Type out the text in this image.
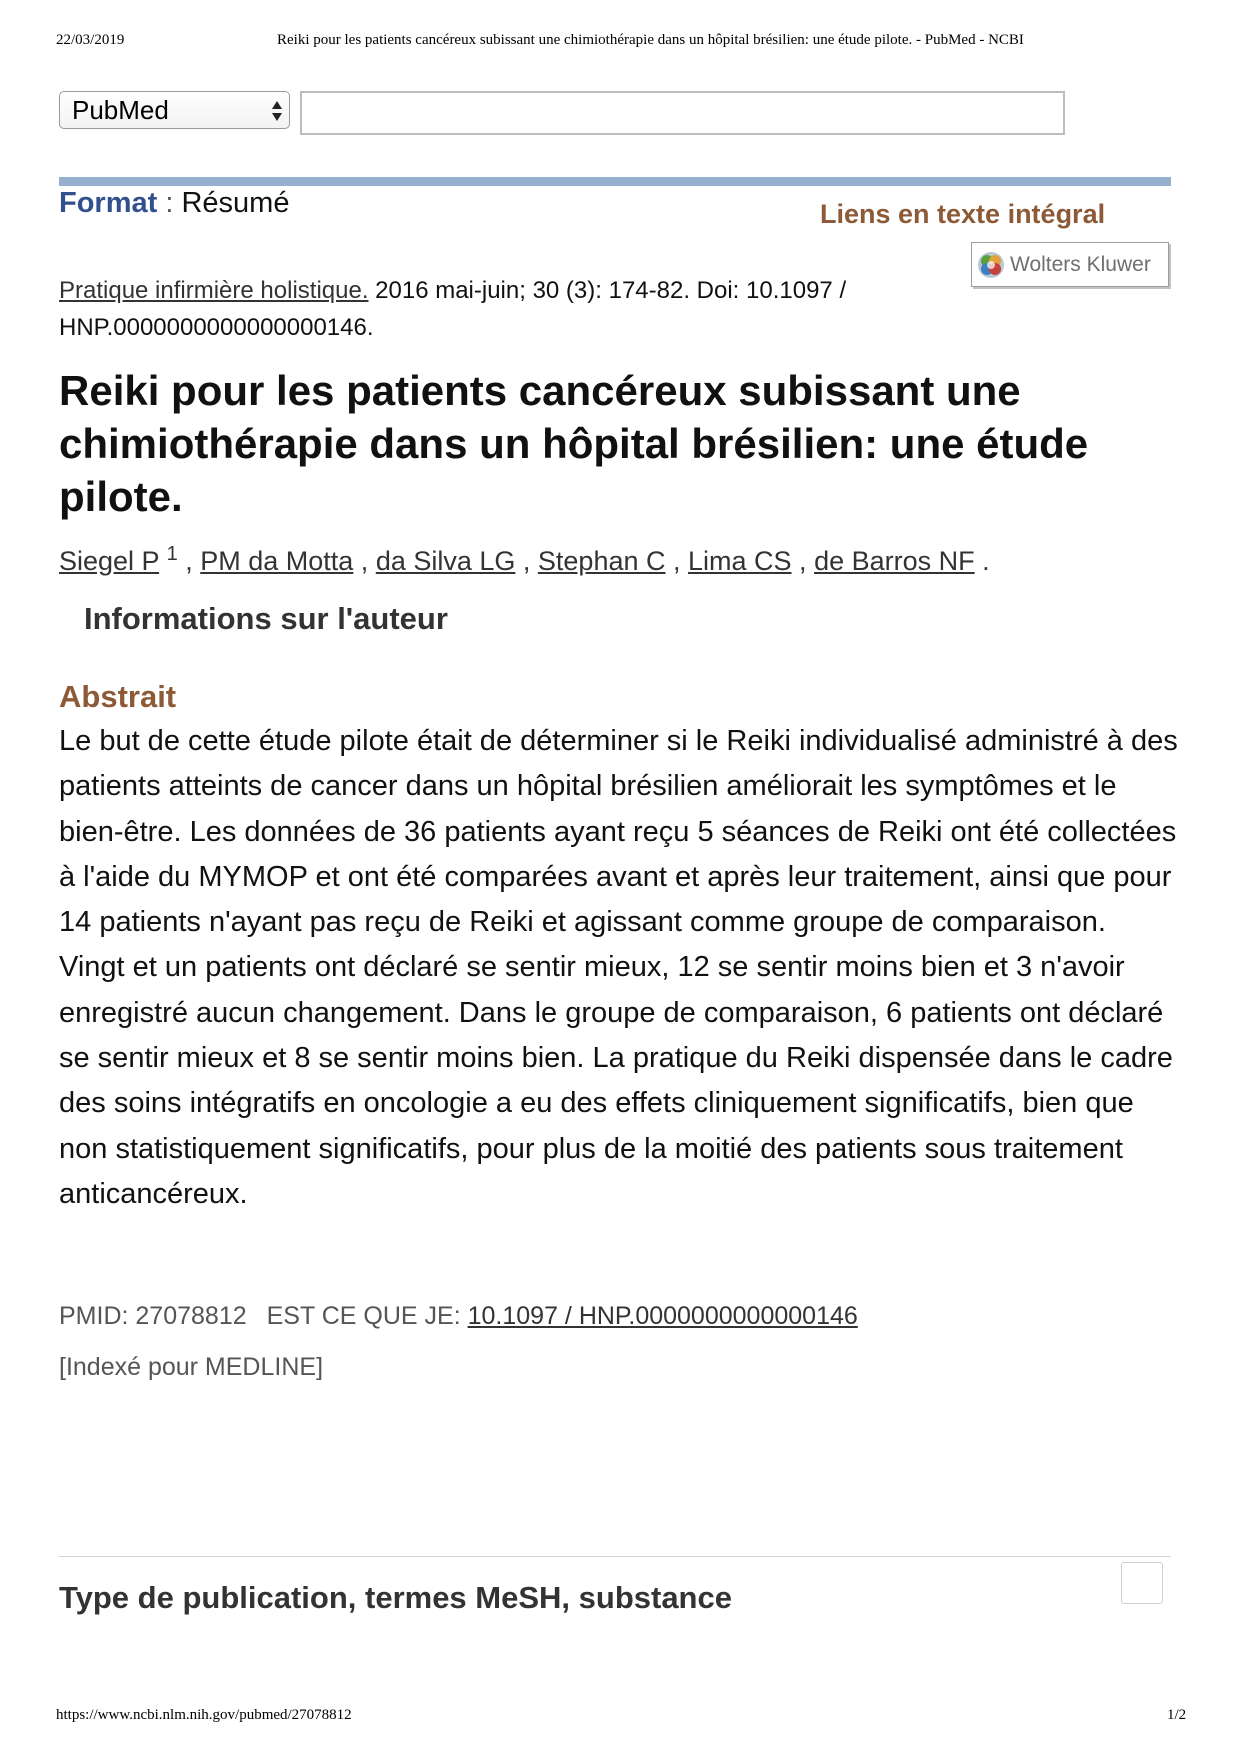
22/03/2019	Reiki pour les patients cancéreux subissant une chimiothérapie dans un hôpital brésilien: une étude pilote. - PubMed - NCBI
PubMed
Format : Résumé	Liens en texte intégral
Wolters Kluwer
Pratique infirmière holistique. 2016 mai-juin; 30 (3): 174-82. Doi: 10.1097 / HNP.0000000000000000146.
Reiki pour les patients cancéreux subissant une chimiothérapie dans un hôpital brésilien: une étude pilote.
Siegel P $^1$ , PM da Motta , da Silva LG , Stephan C , Lima CS , de Barros NF .
Informations sur l'auteur
Abstrait

Le but de cette étude pilote était de déterminer si le Reiki individualisé administré à des patients atteints de cancer dans un hôpital brésilien améliorait les symptômes et le bien-être. Les données de 36 patients ayant reçu 5 séances de Reiki ont été collectées à l'aide du MYMOP et ont été comparées avant et après leur traitement, ainsi que pour 14 patients n'ayant pas reçu de Reiki et agissant comme groupe de comparaison. Vingt et un patients ont déclaré se sentir mieux, 12 se sentir moins bien et 3 n'avoir enregistré aucun changement. Dans le groupe de comparaison, 6 patients ont déclaré se sentir mieux et 8 se sentir moins bien. La pratique du Reiki dispensée dans le cadre des soins intégratifs en oncologie a eu des effets cliniquement significatifs, bien que non statistiquement significatifs, pour plus de la moitié des patients sous traitement anticancéreux.

PMID: 27078812 EST CE QUE JE: 10.1097 / HNP.0000000000000146
[Indexé pour MEDLINE]
Type de publication, termes MeSH, substance
https://www.ncbi.nlm.nih.gov/pubmed/27078812	1/2
